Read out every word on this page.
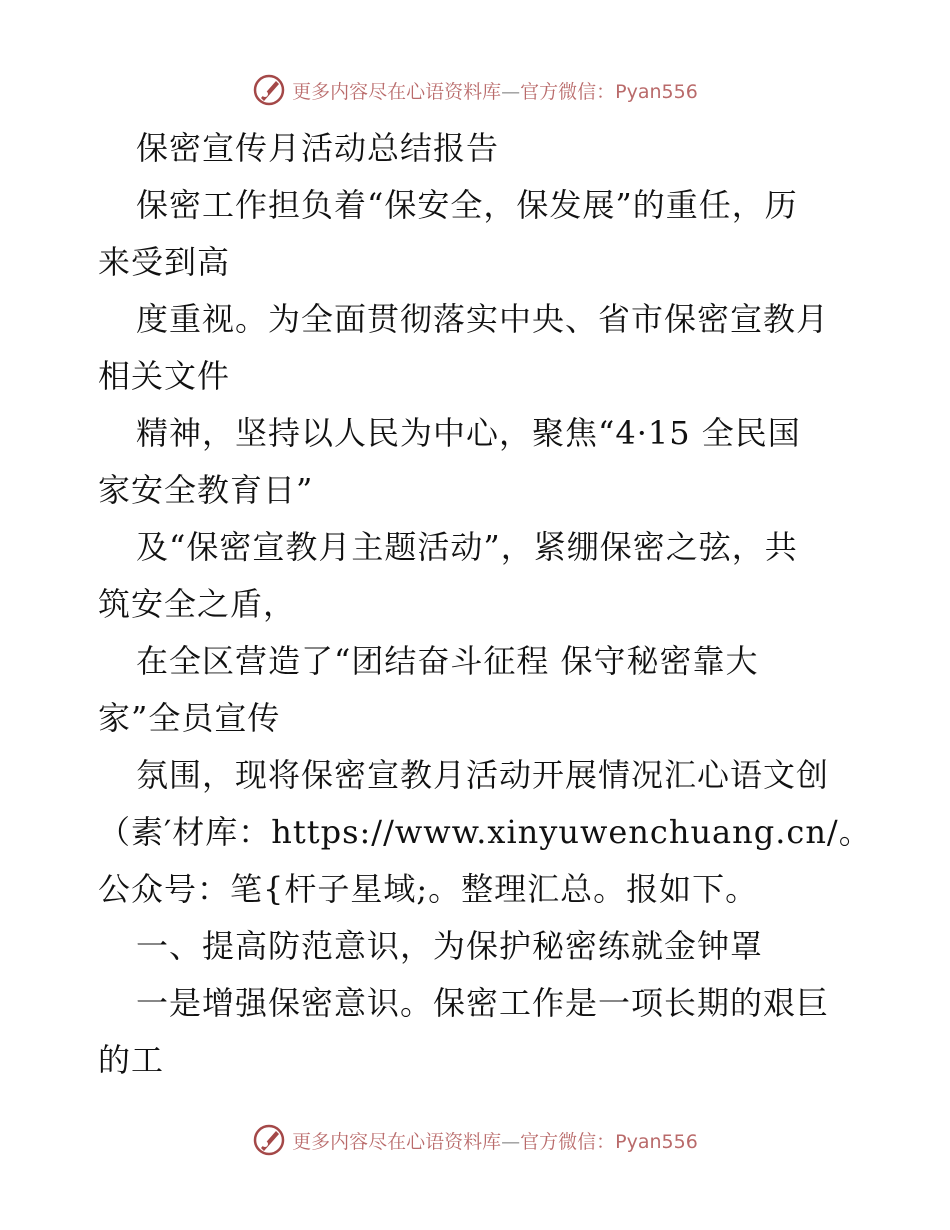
更多内容尽在心语资料库—官方微信：Pyan556
保密宣传月活动总结报告
保密工作担负着“保安全，保发展”的重任，历
来受到高
度重视。为全面贯彻落实中央、省市保密宣教月
相关文件
精神，坚持以人民为中心，聚焦“4·15 全民国
家安全教育日”
及“保密宣教月主题活动”，紧绷保密之弦，共
筑安全之盾，
在全区营造了“团结奋斗征程 保守秘密靠大
家”全员宣传
氛围，现将保密宣教月活动开展情况汇心语文创
（素′材库：https://www.xinyuwenchuang.cn/。
公众号：笔{杆子星域;。整理汇总。报如下。
一、提高防范意识，为保护秘密练就金钟罩
一是增强保密意识。保密工作是一项长期的艰巨
的工
更多内容尽在心语资料库—官方微信：Pyan556
